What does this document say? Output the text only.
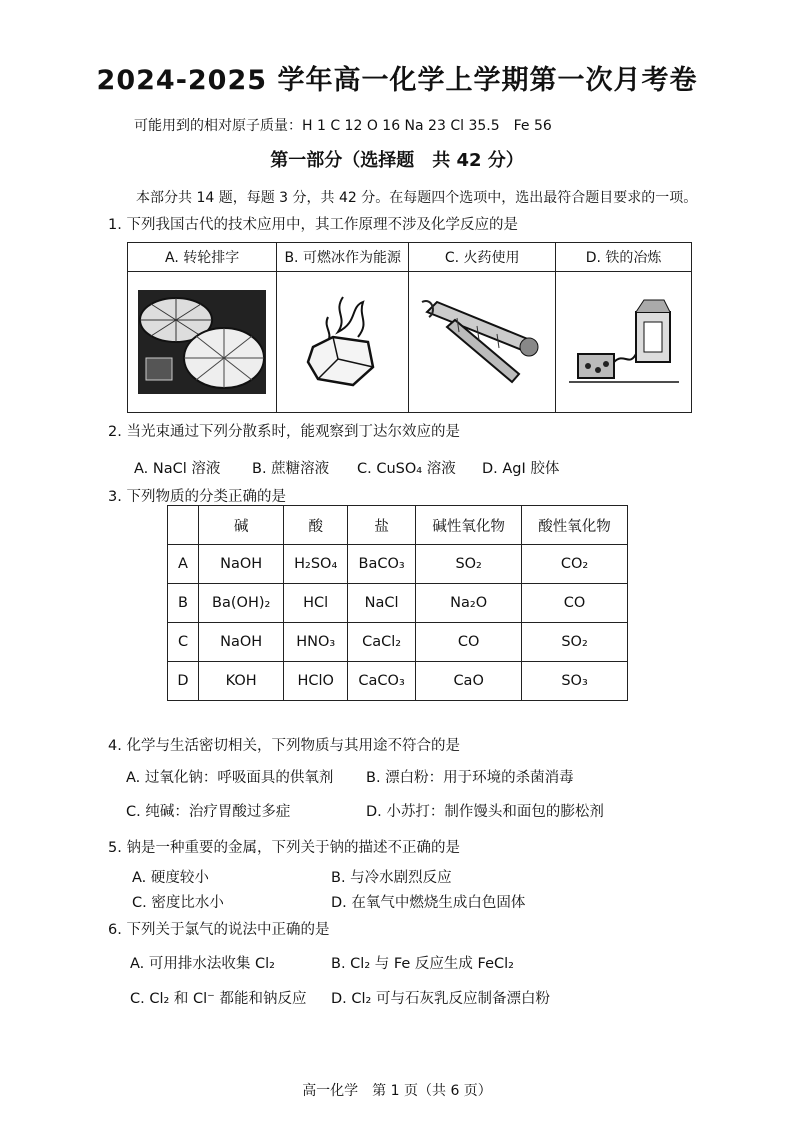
2024-2025 学年高一化学上学期第一次月考卷
可能用到的相对原子质量：H 1 C 12 O 16 Na 23 Cl 35.5　Fe 56
第一部分（选择题　共 42 分）
本部分共 14 题，每题 3 分，共 42 分。在每题四个选项中，选出最符合题目要求的一项。
1. 下列我国古代的技术应用中，其工作原理不涉及化学反应的是
A. 转轮排字	B. 可燃冰作为能源	C. 火药使用	D. 铁的冶炼

2. 当光束通过下列分散系时，能观察到丁达尔效应的是
A. NaCl 溶液 B. 蔗糖溶液 C. CuSO₄ 溶液 D. AgI 胶体
3. 下列物质的分类正确的是
	碱	酸	盐	碱性氧化物	酸性氧化物
A	NaOH	H₂SO₄	BaCO₃	SO₂	CO₂
B	Ba(OH)₂	HCl	NaCl	Na₂O	CO
C	NaOH	HNO₃	CaCl₂	CO	SO₂
D	KOH	HClO	CaCO₃	CaO	SO₃
4. 化学与生活密切相关，下列物质与其用途不符合的是
A. 过氧化钠：呼吸面具的供氧剂 B. 漂白粉：用于环境的杀菌消毒
C. 纯碱：治疗胃酸过多症	D. 小苏打：制作馒头和面包的膨松剂
5. 钠是一种重要的金属，下列关于钠的描述不正确的是
A. 硬度较小	B. 与冷水剧烈反应
C. 密度比水小	D. 在氧气中燃烧生成白色固体
6. 下列关于氯气的说法中正确的是
A. 可用排水法收集 Cl₂	B. Cl₂ 与 Fe 反应生成 FeCl₂
C. Cl₂ 和 Cl⁻ 都能和钠反应 D. Cl₂ 可与石灰乳反应制备漂白粉
高一化学　第 1 页（共 6 页）
